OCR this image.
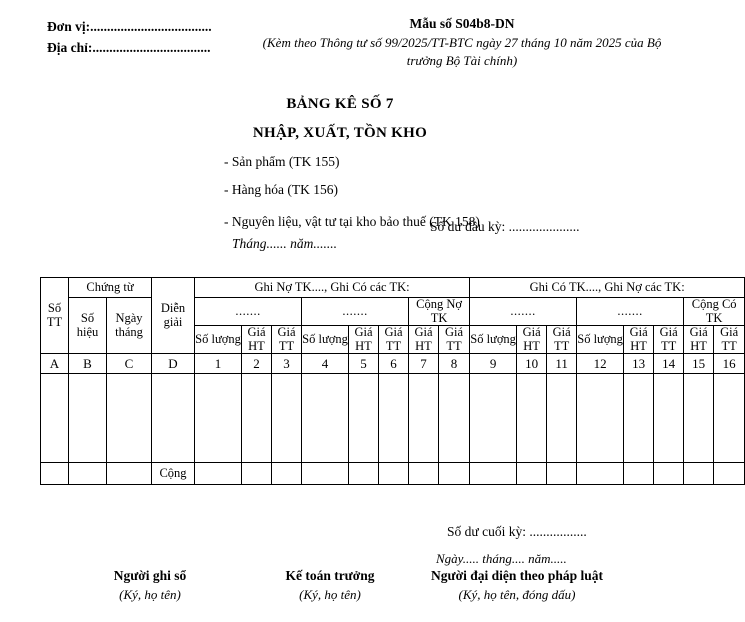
Đơn vị:....................................
Địa chỉ:...................................
Mẫu số S04b8-DN
(Kèm theo Thông tư số 99/2025/TT-BTC ngày 27 tháng 10 năm 2025 của Bộ trưởng Bộ Tài chính)
BẢNG KÊ SỐ 7
NHẬP, XUẤT, TỒN KHO
- Sản phẩm (TK 155)
- Hàng hóa (TK 156)
- Nguyên liệu, vật tư tại kho bảo thuế (TK 158)
Tháng...... năm.......
Số dư đầu kỳ: .....................
Số TT	Chứng từ		Diễn giải	Ghi Nợ TK...., Ghi Có các TK:								Ghi Có TK...., Ghi Nợ các TK:							
	Số hiệu	Ngày tháng		.......			.......			Cộng Nợ TK		.......			.......			Cộng Có TK	
				Số lượng	Giá HT	Giá TT	Số lượng	Giá HT	Giá TT	Giá HT	Giá TT	Số lượng	Giá HT	Giá TT	Số lượng	Giá HT	Giá TT	Giá HT	Giá TT
A	B	C	D	1	2	3	4	5	6	7	8	9	10	11	12	13	14	15	16

			Cộng																
Số dư cuối kỳ: .................
Ngày..... tháng.... năm.....
Người ghi sổ
(Ký, họ tên)
Kế toán trưởng
(Ký, họ tên)
Người đại diện theo pháp luật
(Ký, họ tên, đóng dấu)
